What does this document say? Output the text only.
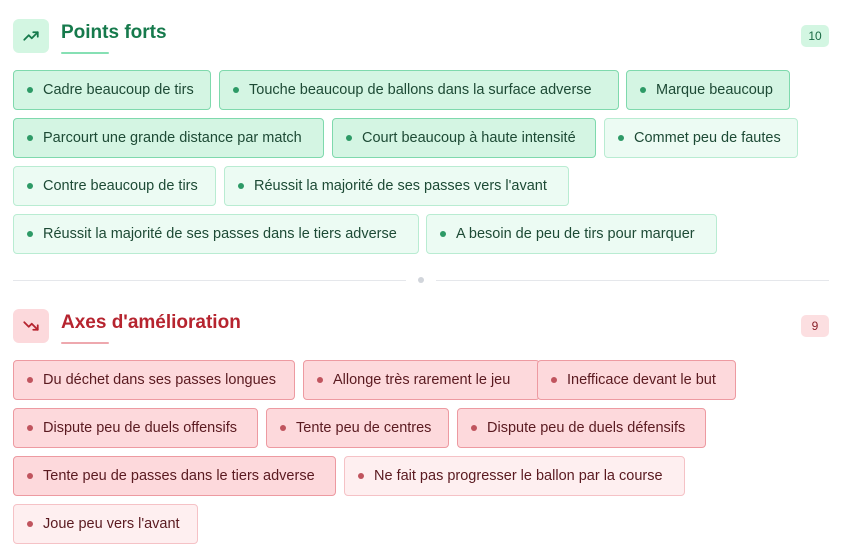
Points forts	10
Cadre beaucoup de tirs	Touche beaucoup de ballons dans la surface adverse	Marque beaucoup
Parcourt une grande distance par match	Court beaucoup à haute intensité	Commet peu de fautes
Contre beaucoup de tirs	Réussit la majorité de ses passes vers l'avant
Réussit la majorité de ses passes dans le tiers adverse	A besoin de peu de tirs pour marquer
Axes d'amélioration	9
Du déchet dans ses passes longues	Allonge très rarement le jeu	Inefficace devant le but
Dispute peu de duels offensifs	Tente peu de centres	Dispute peu de duels défensifs
Tente peu de passes dans le tiers adverse	Ne fait pas progresser le ballon par la course
Joue peu vers l'avant
